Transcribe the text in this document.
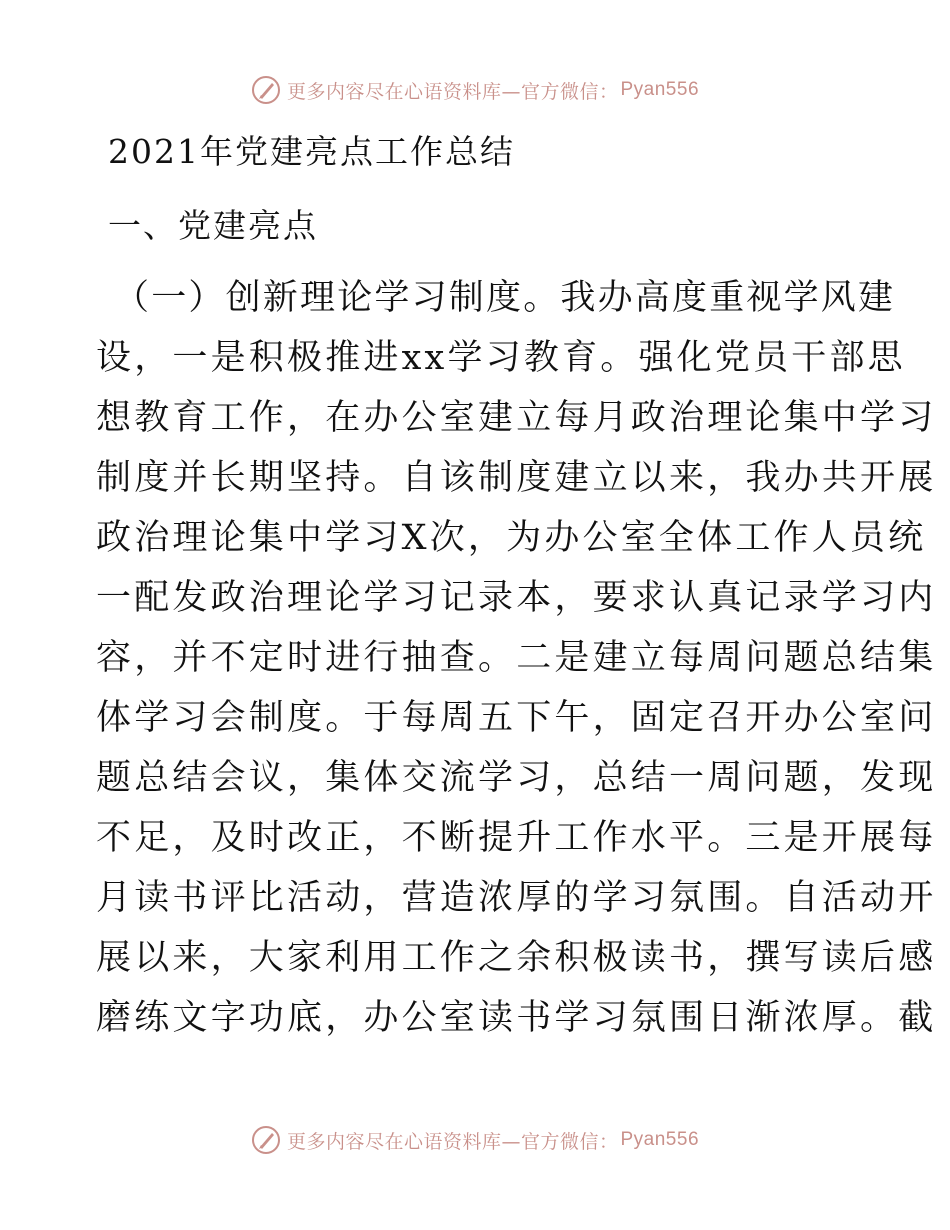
更多内容尽在心语资料库—官方微信： Pyan556
2021年党建亮点工作总结
一、党建亮点
（一）创新理论学习制度。我办高度重视学风建
设，一是积极推进xx学习教育。强化党员干部思
想教育工作，在办公室建立每月政治理论集中学习
制度并长期坚持。自该制度建立以来，我办共开展
政治理论集中学习X次，为办公室全体工作人员统
一配发政治理论学习记录本，要求认真记录学习内
容，并不定时进行抽查。二是建立每周问题总结集
体学习会制度。于每周五下午，固定召开办公室问
题总结会议，集体交流学习，总结一周问题，发现
不足，及时改正，不断提升工作水平。三是开展每
月读书评比活动，营造浓厚的学习氛围。自活动开
展以来，大家利用工作之余积极读书，撰写读后感
磨练文字功底，办公室读书学习氛围日渐浓厚。截
更多内容尽在心语资料库—官方微信： Pyan556
